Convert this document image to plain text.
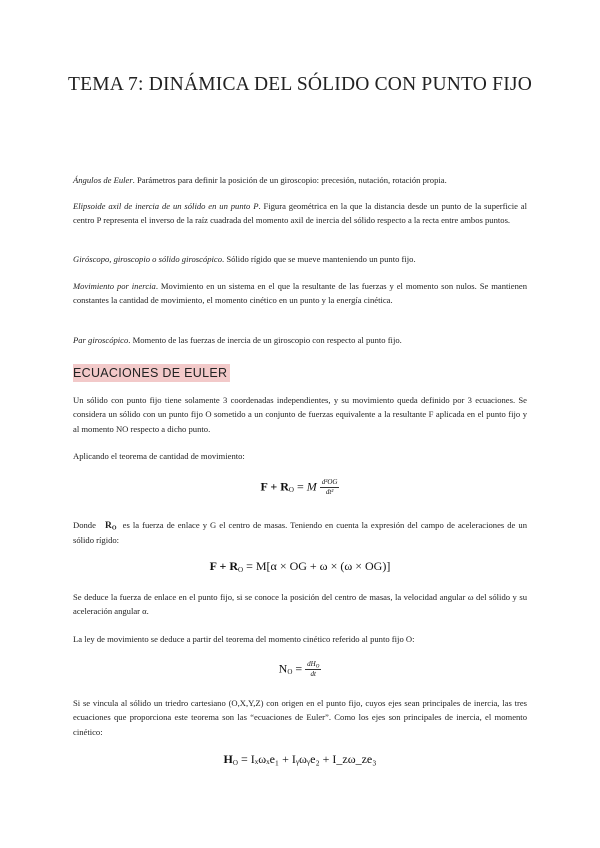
TEMA 7: DINÁMICA DEL SÓLIDO CON PUNTO FIJO
Ángulos de Euler. Parámetros para definir la posición de un giroscopio: precesión, nutación, rotación propia.
Elipsoide axil de inercia de un sólido en un punto P. Figura geométrica en la que la distancia desde un punto de la superficie al centro P representa el inverso de la raíz cuadrada del momento axil de inercia del sólido respecto a la recta entre ambos puntos.
Giróscopo, giroscopio o sólido giroscópico. Sólido rígido que se mueve manteniendo un punto fijo.
Movimiento por inercia. Movimiento en un sistema en el que la resultante de las fuerzas y el momento son nulos. Se mantienen constantes la cantidad de movimiento, el momento cinético en un punto y la energía cinética.
Par giroscópico. Momento de las fuerzas de inercia de un giroscopio con respecto al punto fijo.
ECUACIONES DE EULER
Un sólido con punto fijo tiene solamente 3 coordenadas independientes, y su movimiento queda definido por 3 ecuaciones. Se considera un sólido con un punto fijo O sometido a un conjunto de fuerzas equivalente a la resultante F aplicada en el punto fijo y al momento NO respecto a dicho punto.
Aplicando el teorema de cantidad de movimiento:
$F + R_O = M \frac{\text{d²OG}}{\text{dt²}}$
Donde $R_O$  es la fuerza de enlace y G el centro de masas. Teniendo en cuenta la expresión del campo de aceleraciones de un sólido rígido:
$F + R_O = M[\alpha$ × OG + ω × (ω × OG)]
Se deduce la fuerza de enlace en el punto fijo, si se conoce la posición del centro de masas, la velocidad angular ω del sólido y su aceleración angular α.
La ley de movimiento se deduce a partir del teorema del momento cinético referido al punto fijo O:
$N_O = \frac{dH_O}{dt}$
Si se vincula al sólido un triedro cartesiano (O,X,Y,Z) con origen en el punto fijo, cuyos ejes sean principales de inercia, las tres ecuaciones que proporciona este teorema son las “ecuaciones de Euler”. Como los ejes son principales de inercia, el momento cinético:
$H_O = I_x\omega_xe_1$ + Iᵧωᵧe₂ + I_zω_ze₃
